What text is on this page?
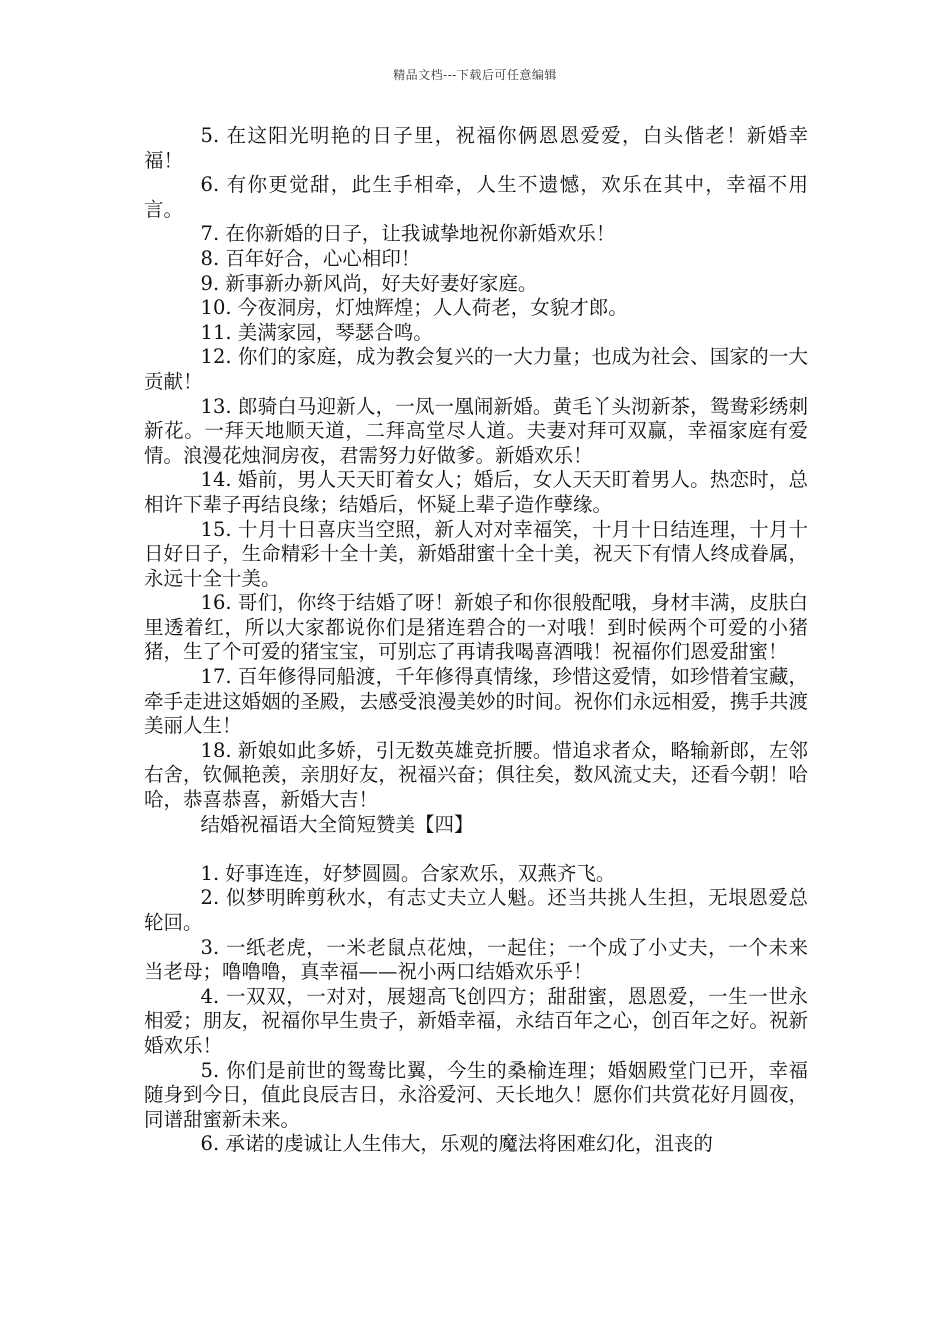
精品文档---下载后可任意编辑

5. 在这阳光明艳的日子里，祝福你俩恩恩爱爱，白头偕老！新婚幸福！

6. 有你更觉甜，此生手相牵，人生不遗憾，欢乐在其中，幸福不用言。

7. 在你新婚的日子，让我诚挚地祝你新婚欢乐！

8. 百年好合，心心相印！

9. 新事新办新风尚，好夫好妻好家庭。

10. 今夜洞房，灯烛辉煌；人人荷老，女貌才郎。

11. 美满家园，琴瑟合鸣。

12. 你们的家庭，成为教会复兴的一大力量；也成为社会、国家的一大贡献！

13. 郎骑白马迎新人，一凤一凰闹新婚。黄毛丫头沏新茶，鸳鸯彩绣刺新花。一拜天地顺天道，二拜高堂尽人道。夫妻对拜可双赢，幸福家庭有爱情。浪漫花烛洞房夜，君需努力好做爹。新婚欢乐！

14. 婚前，男人天天盯着女人；婚后，女人天天盯着男人。热恋时，总相许下辈子再结良缘；结婚后，怀疑上辈子造作孽缘。

15. 十月十日喜庆当空照，新人对对幸福笑，十月十日结连理，十月十日好日子，生命精彩十全十美，新婚甜蜜十全十美，祝天下有情人终成眷属，永远十全十美。

16. 哥们，你终于结婚了呀！新娘子和你很般配哦，身材丰满，皮肤白里透着红，所以大家都说你们是猪连碧合的一对哦！到时候两个可爱的小猪猪，生了个可爱的猪宝宝，可别忘了再请我喝喜酒哦！祝福你们恩爱甜蜜！

17. 百年修得同船渡，千年修得真情缘，珍惜这爱情，如珍惜着宝藏，牵手走进这婚姻的圣殿，去感受浪漫美妙的时间。祝你们永远相爱，携手共渡美丽人生！

18. 新娘如此多娇，引无数英雄竞折腰。惜追求者众，略输新郎，左邻右舍，钦佩艳羡，亲朋好友，祝福兴奋；俱往矣，数风流丈夫，还看今朝！哈哈，恭喜恭喜，新婚大吉！

结婚祝福语大全简短赞美【四】

1. 好事连连，好梦圆圆。合家欢乐，双燕齐飞。

2. 似梦明眸剪秋水，有志丈夫立人魁。还当共挑人生担，无垠恩爱总轮回。

3. 一纸老虎，一米老鼠点花烛，一起住；一个成了小丈夫，一个未来当老母；噜噜噜，真幸福——祝小两口结婚欢乐乎！

4. 一双双，一对对，展翅高飞创四方；甜甜蜜，恩恩爱，一生一世永相爱；朋友，祝福你早生贵子，新婚幸福，永结百年之心，创百年之好。祝新婚欢乐！

5. 你们是前世的鸳鸯比翼，今生的桑榆连理；婚姻殿堂门已开，幸福随身到今日，值此良辰吉日，永浴爱河、天长地久！愿你们共赏花好月圆夜，同谱甜蜜新未来。

6. 承诺的虔诚让人生伟大，乐观的魔法将困难幻化，沮丧的
